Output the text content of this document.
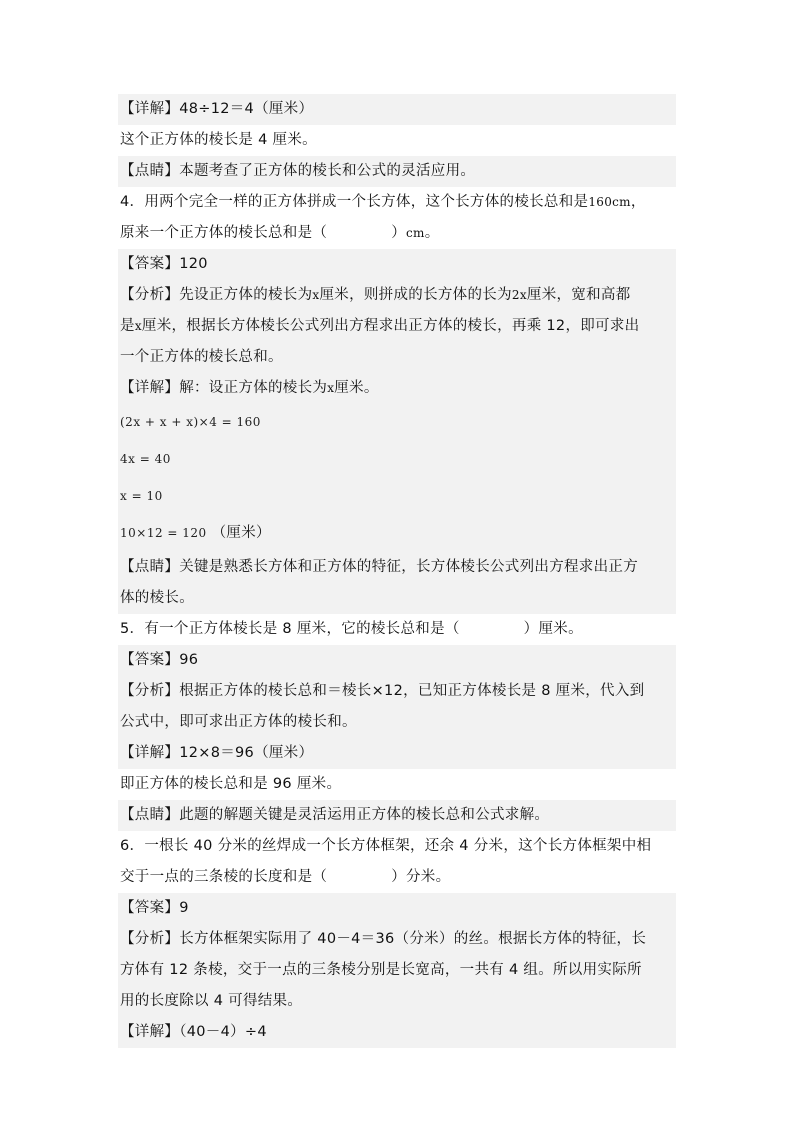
【详解】48÷12＝4（厘米）
这个正方体的棱长是 4 厘米。
【点睛】本题考查了正方体的棱长和公式的灵活应用。
4．用两个完全一样的正方体拼成一个长方体，这个长方体的棱长总和是160cm，
原来一个正方体的棱长总和是（	）cm。
【答案】120
【分析】先设正方体的棱长为x厘米，则拼成的长方体的长为2x厘米，宽和高都
是x厘米，根据长方体棱长公式列出方程求出正方体的棱长，再乘 12，即可求出
一个正方体的棱长总和。
【详解】解：设正方体的棱长为x厘米。
(2x + x + x)×4 = 160
4x = 40
x = 10
10×12 = 120 （厘米）
【点睛】关键是熟悉长方体和正方体的特征，长方体棱长公式列出方程求出正方
体的棱长。
5．有一个正方体棱长是 8 厘米，它的棱长总和是（	）厘米。
【答案】96
【分析】根据正方体的棱长总和＝棱长×12，已知正方体棱长是 8 厘米，代入到
公式中，即可求出正方体的棱长和。
【详解】12×8＝96（厘米）
即正方体的棱长总和是 96 厘米。
【点睛】此题的解题关键是灵活运用正方体的棱长总和公式求解。
6．一根长 40 分米的丝焊成一个长方体框架，还余 4 分米，这个长方体框架中相
交于一点的三条棱的长度和是（	）分米。
【答案】9
【分析】长方体框架实际用了 40－4＝36（分米）的丝。根据长方体的特征，长
方体有 12 条棱，交于一点的三条棱分别是长宽高，一共有 4 组。所以用实际所
用的长度除以 4 可得结果。
【详解】（40－4）÷4
